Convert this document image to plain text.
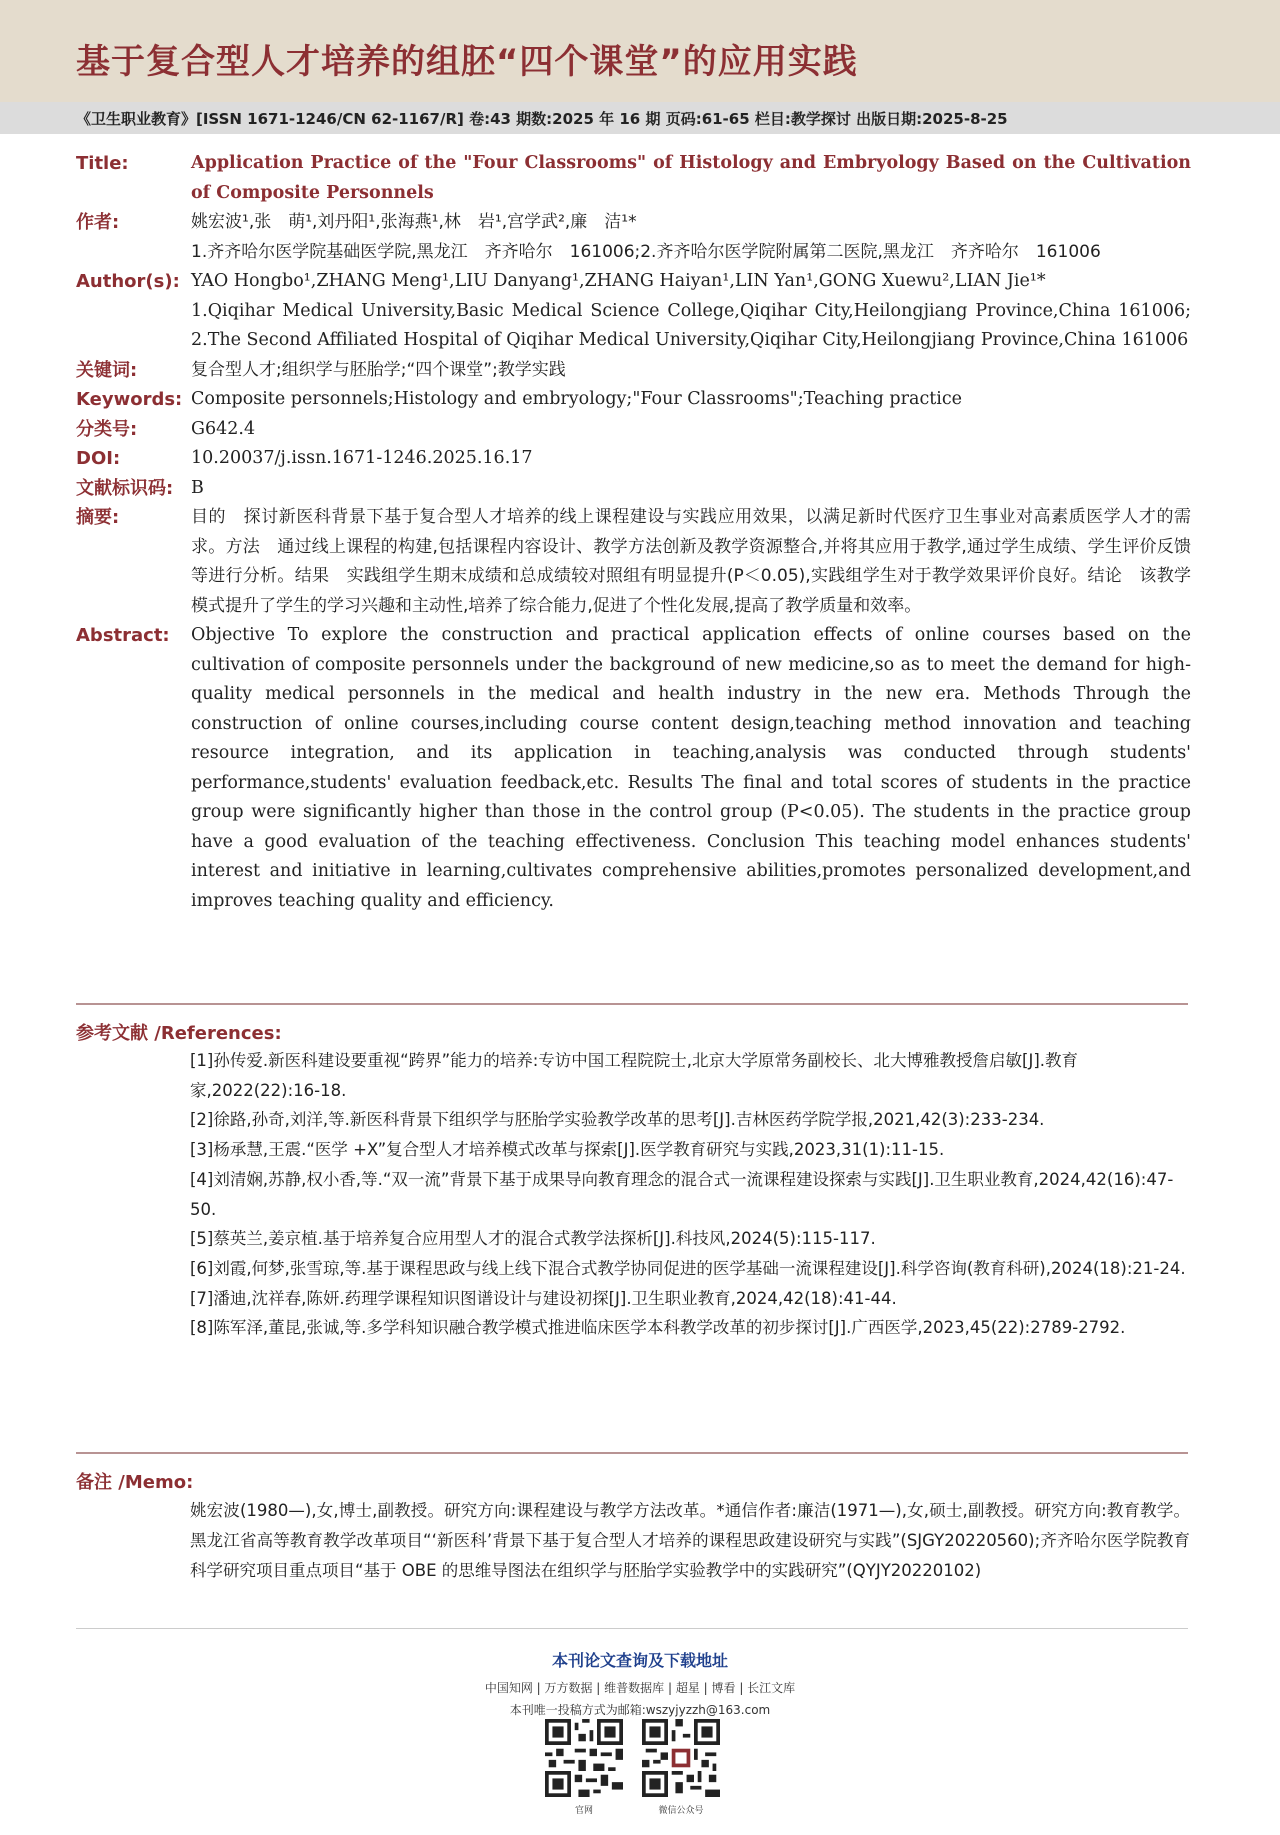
基于复合型人才培养的组胚“四个课堂”的应用实践
《卫生职业教育》[ISSN 1671-1246/CN 62-1167/R] 卷:43 期数:2025 年 16 期 页码:61-65 栏目:教学探讨 出版日期:2025-8-25
Title:	Application Practice of the "Four Classrooms" of Histology and Embryology Based on the Cultivation of Composite Personnels
作者:	姚宏波¹,张　萌¹,刘丹阳¹,张海燕¹,林　岩¹,宫学武²,廉　洁¹*
1.齐齐哈尔医学院基础医学院,黑龙江　齐齐哈尔　161006;2.齐齐哈尔医学院附属第二医院,黑龙江　齐齐哈尔　161006
Author(s): YAO Hongbo¹,ZHANG Meng¹,LIU Danyang¹,ZHANG Haiyan¹,LIN Yan¹,GONG Xuewu²,LIAN Jie¹*
1.Qiqihar Medical University,Basic Medical Science College,Qiqihar City,Heilongjiang Province,China 161006; 2.The Second Affiliated Hospital of Qiqihar Medical University,Qiqihar City,Heilongjiang Province,China 161006
关键词:	复合型人才;组织学与胚胎学;“四个课堂”;教学实践
Keywords: Composite personnels;Histology and embryology;"Four Classrooms";Teaching practice
分类号:	G642.4
DOI:	10.20037/j.issn.1671-1246.2025.16.17
文献标识码:	B
摘要:	目的　探讨新医科背景下基于复合型人才培养的线上课程建设与实践应用效果，以满足新时代医疗卫生事业对高素质医学人才的需求。方法　通过线上课程的构建,包括课程内容设计、教学方法创新及教学资源整合,并将其应用于教学,通过学生成绩、学生评价反馈等进行分析。结果　实践组学生期末成绩和总成绩较对照组有明显提升(P＜0.05),实践组学生对于教学效果评价良好。结论　该教学模式提升了学生的学习兴趣和主动性,培养了综合能力,促进了个性化发展,提高了教学质量和效率。
Abstract:	Objective To explore the construction and practical application effects of online courses based on the cultivation of composite personnels under the background of new medicine,so as to meet the demand for high-quality medical personnels in the medical and health industry in the new era. Methods Through the construction of online courses,including course content design,teaching method innovation and teaching resource integration, and its application in teaching,analysis was conducted through students' performance,students' evaluation feedback,etc. Results The final and total scores of students in the practice group were significantly higher than those in the control group (P<0.05). The students in the practice group have a good evaluation of the teaching effectiveness. Conclusion This teaching model enhances students' interest and initiative in learning,cultivates comprehensive abilities,promotes personalized development,and improves teaching quality and efficiency.
参考文献 /References:
[1]孙传爱.新医科建设要重视“跨界”能力的培养:专访中国工程院院士,北京大学原常务副校长、北大博雅教授詹启敏[J].教育家,2022(22):16-18.
[2]徐路,孙奇,刘洋,等.新医科背景下组织学与胚胎学实验教学改革的思考[J].吉林医药学院学报,2021,42(3):233-234.
[3]杨承慧,王震.“医学 +X”复合型人才培养模式改革与探索[J].医学教育研究与实践,2023,31(1):11-15.
[4]刘清娴,苏静,权小香,等.“双一流”背景下基于成果导向教育理念的混合式一流课程建设探索与实践[J].卫生职业教育,2024,42(16):47-50.
[5]蔡英兰,姜京植.基于培养复合应用型人才的混合式教学法探析[J].科技风,2024(5):115-117.
[6]刘霞,何梦,张雪琼,等.基于课程思政与线上线下混合式教学协同促进的医学基础一流课程建设[J].科学咨询(教育科研),2024(18):21-24.
[7]潘迪,沈祥春,陈妍.药理学课程知识图谱设计与建设初探[J].卫生职业教育,2024,42(18):41-44.
[8]陈军泽,董昆,张诚,等.多学科知识融合教学模式推进临床医学本科教学改革的初步探讨[J].广西医学,2023,45(22):2789-2792.
备注 /Memo:
姚宏波(1980—),女,博士,副教授。研究方向:课程建设与教学方法改革。*通信作者:廉洁(1971—),女,硕士,副教授。研究方向:教育教学。黑龙江省高等教育教学改革项目“‘新医科’背景下基于复合型人才培养的课程思政建设研究与实践”(SJGY20220560);齐齐哈尔医学院教育科学研究项目重点项目“基于 OBE 的思维导图法在组织学与胚胎学实验教学中的实践研究”(QYJY20220102)
本刊论文查询及下载地址
中国知网 | 万方数据 | 维普数据库 | 超星 | 博看 | 长江文库
本刊唯一投稿方式为邮箱:wszyjyzzh@163.com
官网	微信公众号
